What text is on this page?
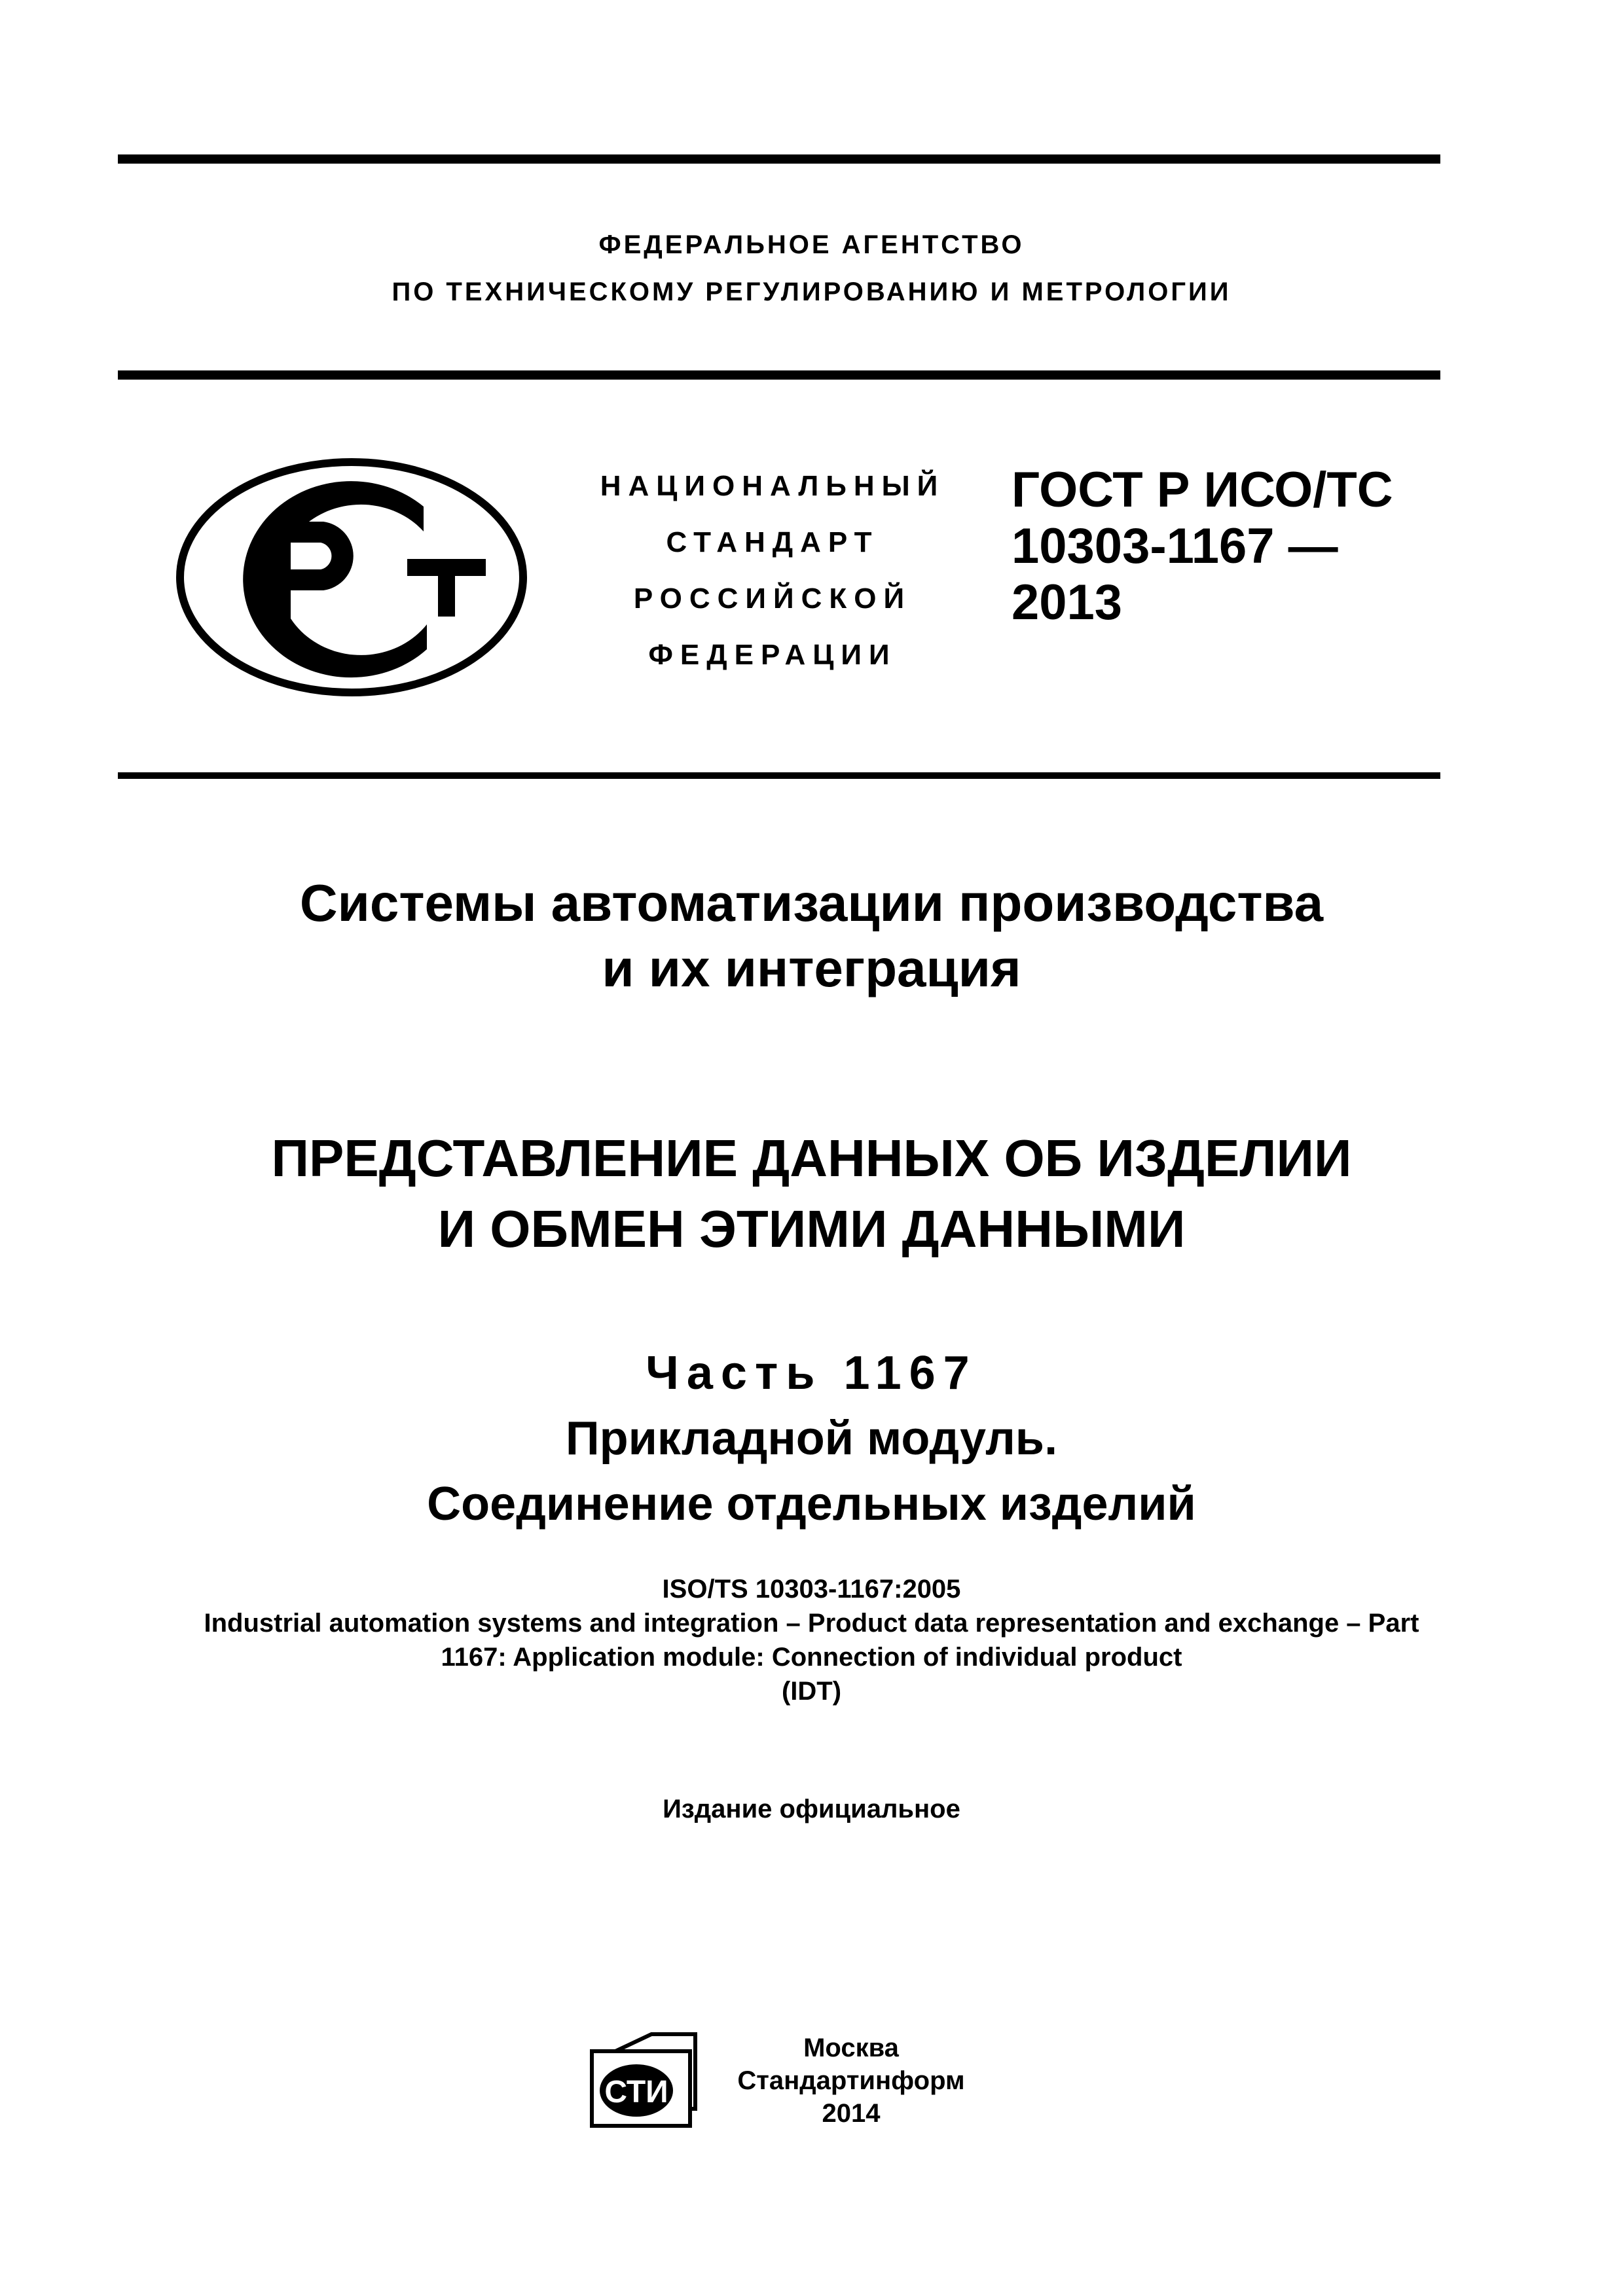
ФЕДЕРАЛЬНОЕ АГЕНТСТВО
ПО ТЕХНИЧЕСКОМУ РЕГУЛИРОВАНИЮ И МЕТРОЛОГИИ
НАЦИОНАЛЬНЫЙ
СТАНДАРТ
РОССИЙСКОЙ
ФЕДЕРАЦИИ
ГОСТ Р ИСО/ТС
10303-1167 —
2013
Системы автоматизации производства
и их интеграция
ПРЕДСТАВЛЕНИЕ ДАННЫХ ОБ ИЗДЕЛИИ
И ОБМЕН ЭТИМИ ДАННЫМИ
Часть 1167
Прикладной модуль.
Соединение отдельных изделий
ISO/TS 10303-1167:2005
Industrial automation systems and integration – Product data representation and exchange – Part
1167: Application module: Connection of individual product
(IDT)
Издание официальное
СТИ
Москва
Стандартинформ
2014
